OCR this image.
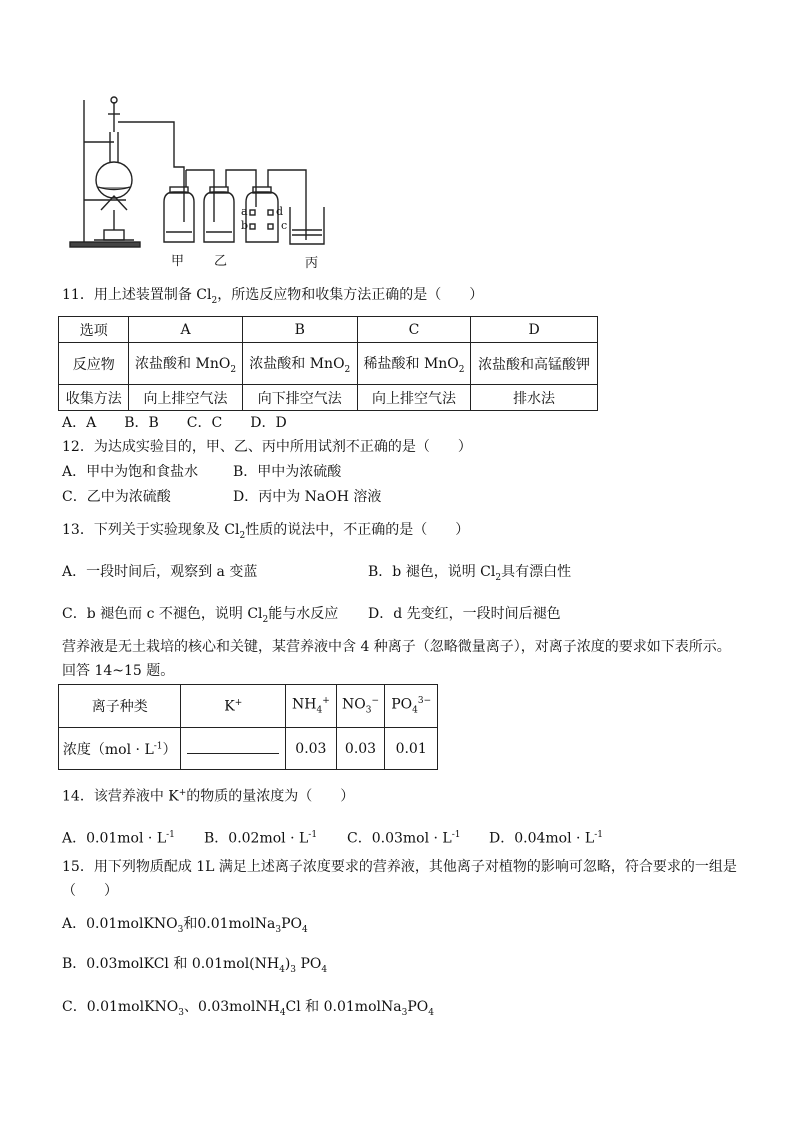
甲 乙	丙
a
b
d
c
11．用上述装置制备 $Cl_2$，所选反应物和收集方法正确的是（　　）
选项	A	B	C	D
反应物	浓盐酸和 MnO$_2$	浓盐酸和 MnO$_2$	稀盐酸和 MnO$_2$	浓盐酸和高锰酸钾
收集方法	向上排空气法	向下排空气法	向上排空气法	排水法
A．A　　B．B　　C．C　　D．D
12．为达成实验目的，甲、乙、丙中所用试剂不正确的是（　　）
A．甲中为饱和食盐水 B．甲中为浓硫酸
C．乙中为浓硫酸	D．丙中为 NaOH 溶液
13．下列关于实验现象及 $Cl_2$性质的说法中，不正确的是（　　）
A．一段时间后，观察到 a 变蓝	B．b 褪色，说明 $Cl_2$具有漂白性
C．b 褪色而 c 不褪色，说明 $Cl_2$能与水反应 D．d 先变红，一段时间后褪色
营养液是无土栽培的核心和关键，某营养液中含 4 种离子（忽略微量离子），对离子浓度的要求如下表所示。
回答 14~15 题。
离子种类	K+	$NH_4^+$	$NO_3^-$	$PO_4^{3-}$
浓度$(mol \cdot L^{-1})$		0.03	0.03	0.01
14．该营养液中 K+的物质的量浓度为（　　）
A．$0.01mol \cdot L^{-1}$ B．$0.02mol \cdot L^{-1}$ C．$0.03mol \cdot L^{-1}$ D．$0.04mol \cdot L^{-1}$
15．用下列物质配成 1L 满足上述离子浓度要求的营养液，其他离子对植物的影响可忽略，符合要求的一组是
（　　）
A．0.01molKNO$_3$和$0.01molNa_3PO_4$
B．0.03molKCl 和 $0.01mol(NH_4)_3$ $PO_4$
C．0.01molKNO$_3$、0.03molNH$_4$Cl 和 $0.01molNa_3PO_4$
